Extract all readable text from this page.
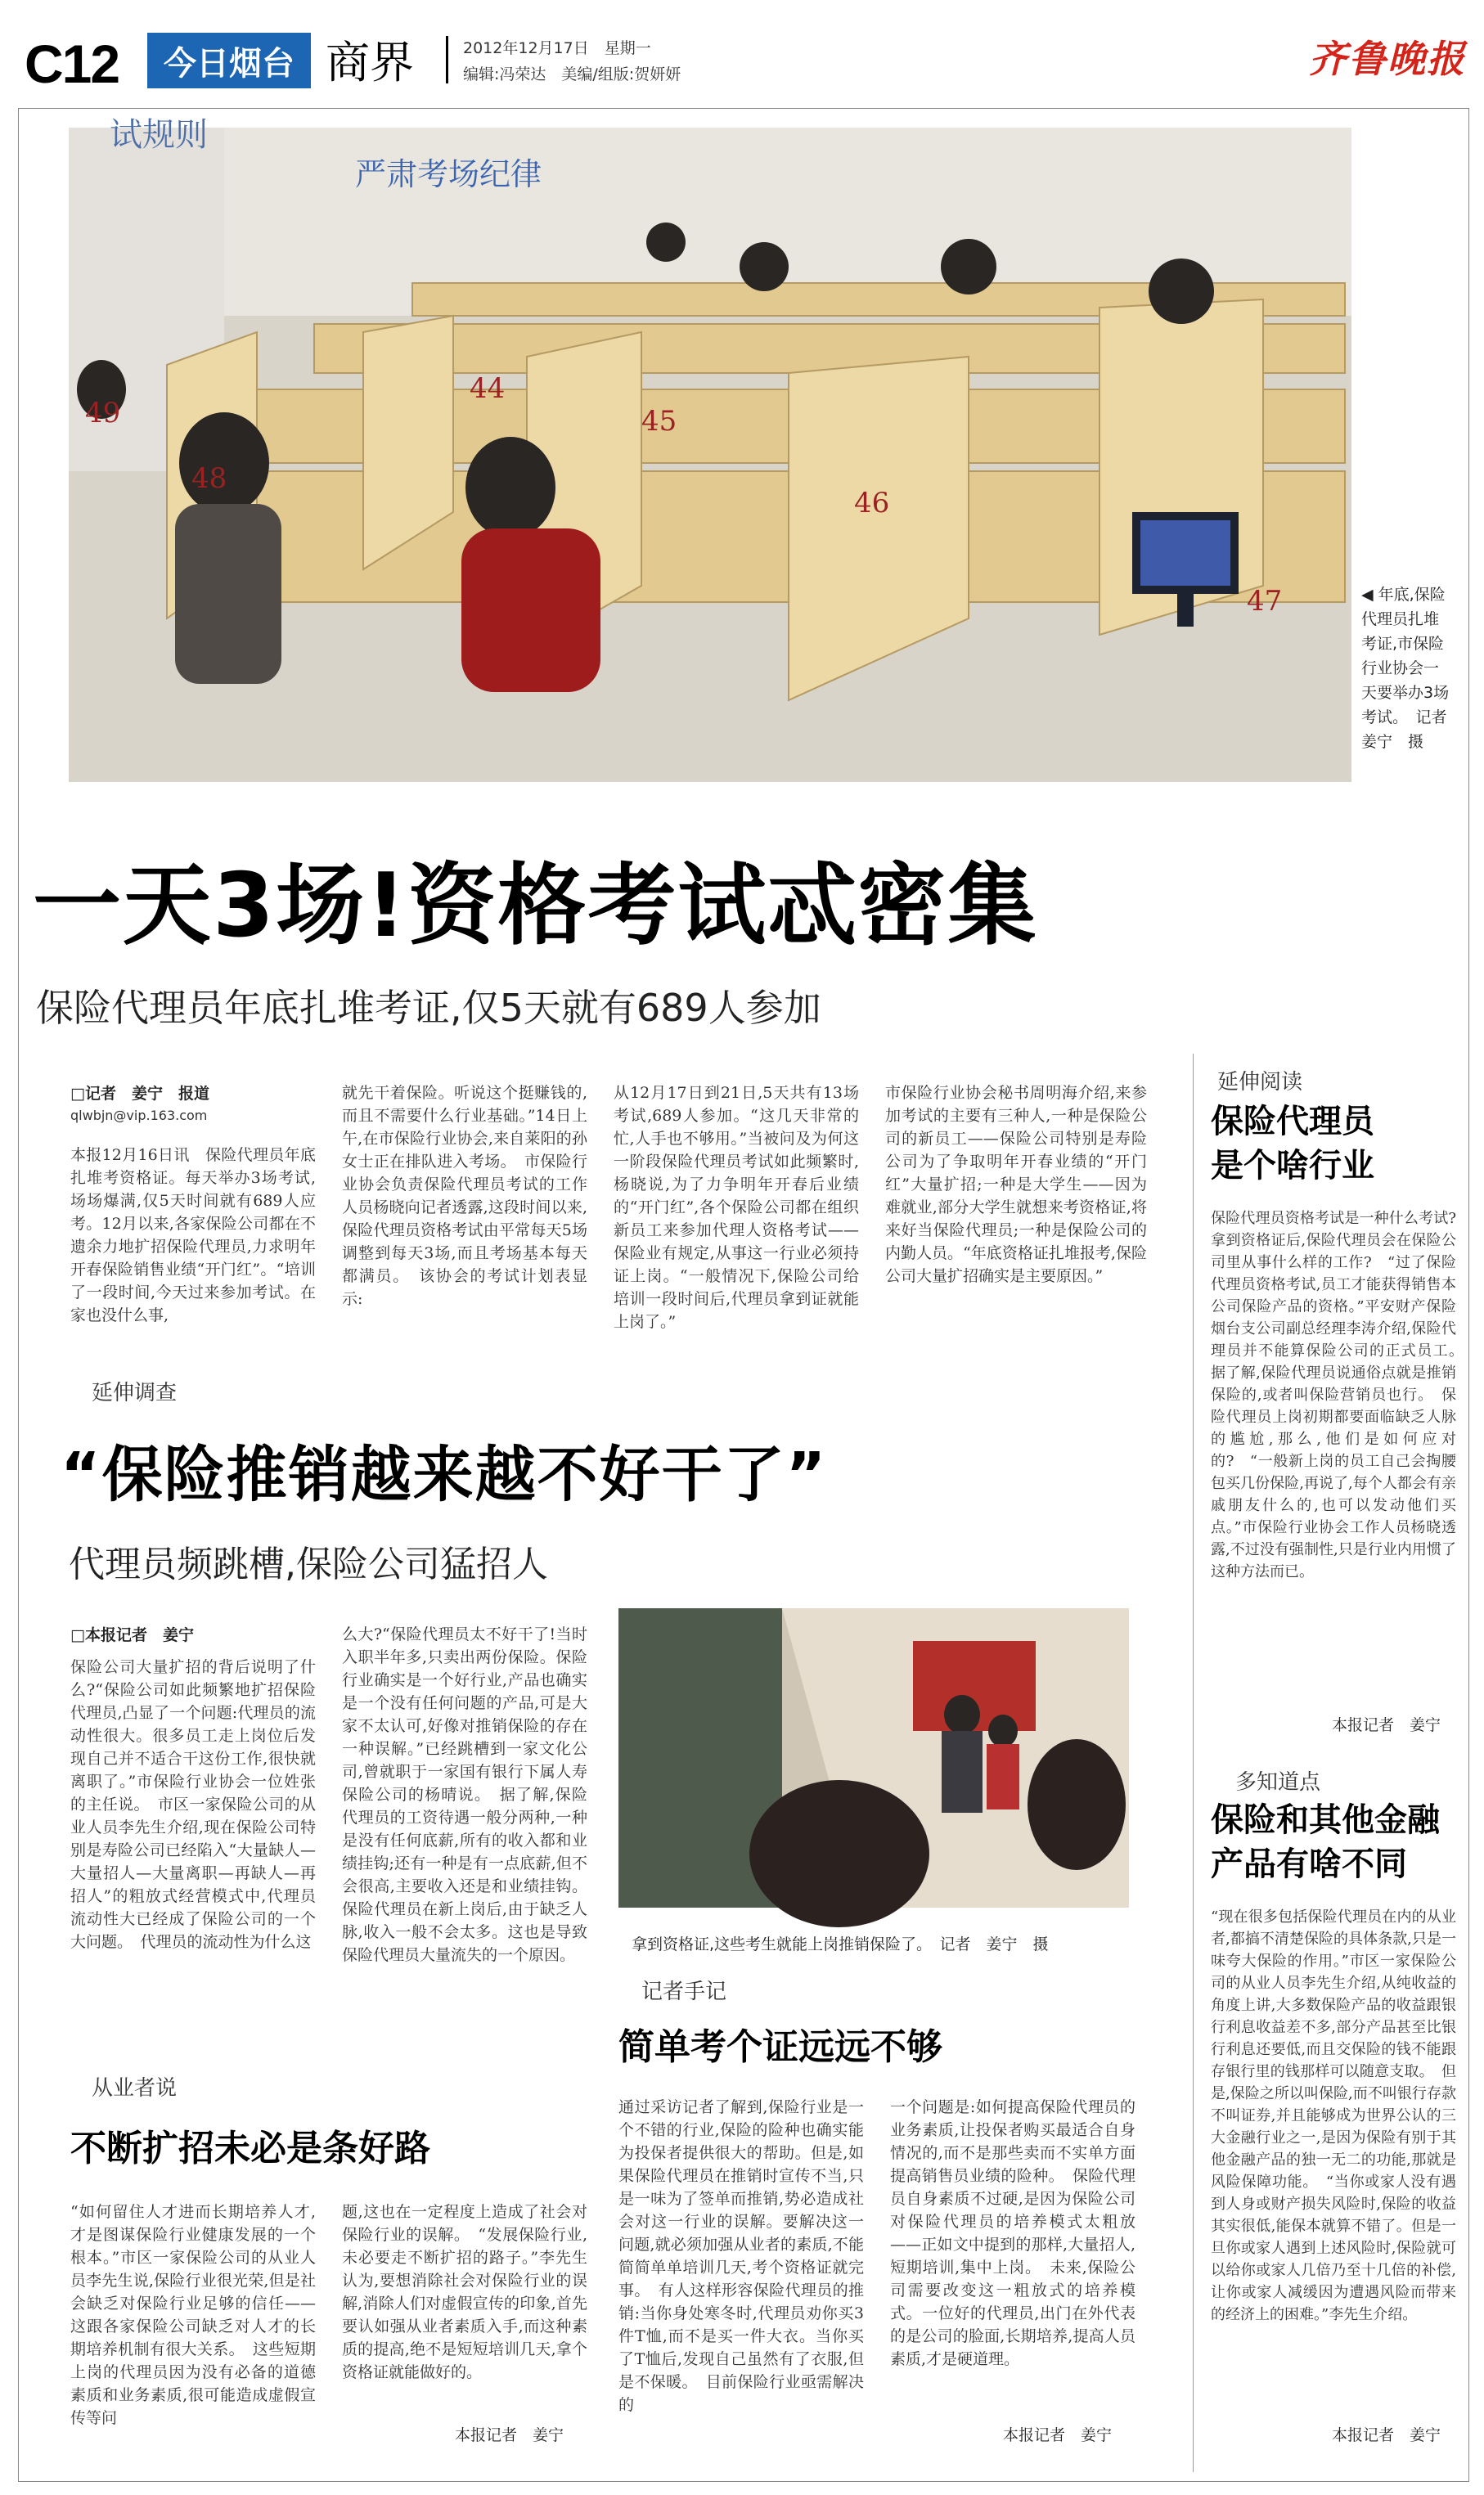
C12	今日烟台 商界	2012年12月17日　星期一
编辑:冯荣达　美编/组版:贺妍妍	齐鲁晚报
试规则
严肃考场纪律
49
48
44
45
46
47	◀ 年底,保险代理员扎堆考证,市保险行业协会一天要举办3场考试。　记者　姜宁　摄
一天3场!资格考试忒密集
保险代理员年底扎堆考证,仅5天就有689人参加
□记者　姜宁　报道
qlwbjn@vip.163.com
本报12月16日讯　保险代理员年底扎堆考资格证。每天举办3场考试,场场爆满,仅5天时间就有689人应考。12月以来,各家保险公司都在不遗余力地扩招保险代理员,力求明年开春保险销售业绩“开门红”。“培训了一段时间,今天过来参加考试。在家也没什么事,
就先干着保险。听说这个挺赚钱的,而且不需要什么行业基础。”14日上午,在市保险行业协会,来自莱阳的孙女士正在排队进入考场。　市保险行业协会负责保险代理员考试的工作人员杨晓向记者透露,这段时间以来,保险代理员资格考试由平常每天5场调整到每天3场,而且考场基本每天都满员。　该协会的考试计划表显示:
从12月17日到21日,5天共有13场考试,689人参加。“这几天非常的忙,人手也不够用。”当被问及为何这一阶段保险代理员考试如此频繁时,杨晓说,为了力争明年开春后业绩的“开门红”,各个保险公司都在组织新员工来参加代理人资格考试——保险业有规定,从事这一行业必须持证上岗。“一般情况下,保险公司给培训一段时间后,代理员拿到证就能上岗了。”
市保险行业协会秘书周明海介绍,来参加考试的主要有三种人,一种是保险公司的新员工——保险公司特别是寿险公司为了争取明年开春业绩的“开门红”大量扩招;一种是大学生——因为难就业,部分大学生就想来考资格证,将来好当保险代理员;一种是保险公司的内勤人员。“年底资格证扎堆报考,保险公司大量扩招确实是主要原因。”
延伸调查
“保险推销越来越不好干了”
代理员频跳槽,保险公司猛招人
□本报记者　姜宁
保险公司大量扩招的背后说明了什么?“保险公司如此频繁地扩招保险代理员,凸显了一个问题:代理员的流动性很大。很多员工走上岗位后发现自己并不适合干这份工作,很快就离职了。”市保险行业协会一位姓张的主任说。　市区一家保险公司的从业人员李先生介绍,现在保险公司特别是寿险公司已经陷入“大量缺人—大量招人—大量离职—再缺人—再招人”的粗放式经营模式中,代理员流动性大已经成了保险公司的一个大问题。　代理员的流动性为什么这
么大?“保险代理员太不好干了!当时入职半年多,只卖出两份保险。保险行业确实是一个好行业,产品也确实是一个没有任何问题的产品,可是大家不太认可,好像对推销保险的存在一种误解。”已经跳槽到一家文化公司,曾就职于一家国有银行下属人寿保险公司的杨晴说。　据了解,保险代理员的工资待遇一般分两种,一种是没有任何底薪,所有的收入都和业绩挂钩;还有一种是有一点底薪,但不会很高,主要收入还是和业绩挂钩。保险代理员在新上岗后,由于缺乏人脉,收入一般不会太多。这也是导致保险代理员大量流失的一个原因。
拿到资格证,这些考生就能上岗推销保险了。　记者　姜宁　摄
记者手记
简单考个证远远不够
通过采访记者了解到,保险行业是一个不错的行业,保险的险种也确实能为投保者提供很大的帮助。但是,如果保险代理员在推销时宣传不当,只是一味为了签单而推销,势必造成社会对这一行业的误解。要解决这一问题,就必须加强从业者的素质,不能简简单单培训几天,考个资格证就完事。　有人这样形容保险代理员的推销:当你身处寒冬时,代理员劝你买3件T恤,而不是买一件大衣。当你买了T恤后,发现自己虽然有了衣服,但是不保暖。　目前保险行业亟需解决的
一个问题是:如何提高保险代理员的业务素质,让投保者购买最适合自身情况的,而不是那些卖而不实单方面提高销售员业绩的险种。　保险代理员自身素质不过硬,是因为保险公司对保险代理员的培养模式太粗放——正如文中提到的那样,大量招人,短期培训,集中上岗。　未来,保险公司需要改变这一粗放式的培养模式。一位好的代理员,出门在外代表的是公司的脸面,长期培养,提高人员素质,才是硬道理。
本报记者　姜宁
从业者说
不断扩招未必是条好路
“如何留住人才进而长期培养人才,才是图谋保险行业健康发展的一个根本。”市区一家保险公司的从业人员李先生说,保险行业很光荣,但是社会缺乏对保险行业足够的信任——这跟各家保险公司缺乏对人才的长期培养机制有很大关系。　这些短期上岗的代理员因为没有必备的道德素质和业务素质,很可能造成虚假宣传等问
题,这也在一定程度上造成了社会对保险行业的误解。　“发展保险行业,未必要走不断扩招的路子。”李先生认为,要想消除社会对保险行业的误解,消除人们对虚假宣传的印象,首先要认如强从业者素质入手,而这种素质的提高,绝不是短短培训几天,拿个资格证就能做好的。
本报记者　姜宁
延伸阅读
保险代理员
是个啥行业
保险代理员资格考试是一种什么考试?拿到资格证后,保险代理员会在保险公司里从事什么样的工作?　“过了保险代理员资格考试,员工才能获得销售本公司保险产品的资格。”平安财产保险烟台支公司副总经理李涛介绍,保险代理员并不能算保险公司的正式员工。　据了解,保险代理员说通俗点就是推销保险的,或者叫保险营销员也行。　保险代理员上岗初期都要面临缺乏人脉的尴尬,那么,他们是如何应对的?　“一般新上岗的员工自己会掏腰包买几份保险,再说了,每个人都会有亲戚朋友什么的,也可以发动他们买点。”市保险行业协会工作人员杨晓透露,不过没有强制性,只是行业内用惯了这种方法而已。
本报记者　姜宁
多知道点
保险和其他金融
产品有啥不同
“现在很多包括保险代理员在内的从业者,都搞不清楚保险的具体条款,只是一味夸大保险的作用。”市区一家保险公司的从业人员李先生介绍,从纯收益的角度上讲,大多数保险产品的收益跟银行利息收益差不多,部分产品甚至比银行利息还要低,而且交保险的钱不能跟存银行里的钱那样可以随意支取。　但是,保险之所以叫保险,而不叫银行存款不叫证券,并且能够成为世界公认的三大金融行业之一,是因为保险有别于其他金融产品的独一无二的功能,那就是风险保障功能。　“当你或家人没有遇到人身或财产损失风险时,保险的收益其实很低,能保本就算不错了。但是一旦你或家人遇到上述风险时,保险就可以给你或家人几倍乃至十几倍的补偿,让你或家人减缓因为遭遇风险而带来的经济上的困难。”李先生介绍。
本报记者　姜宁
